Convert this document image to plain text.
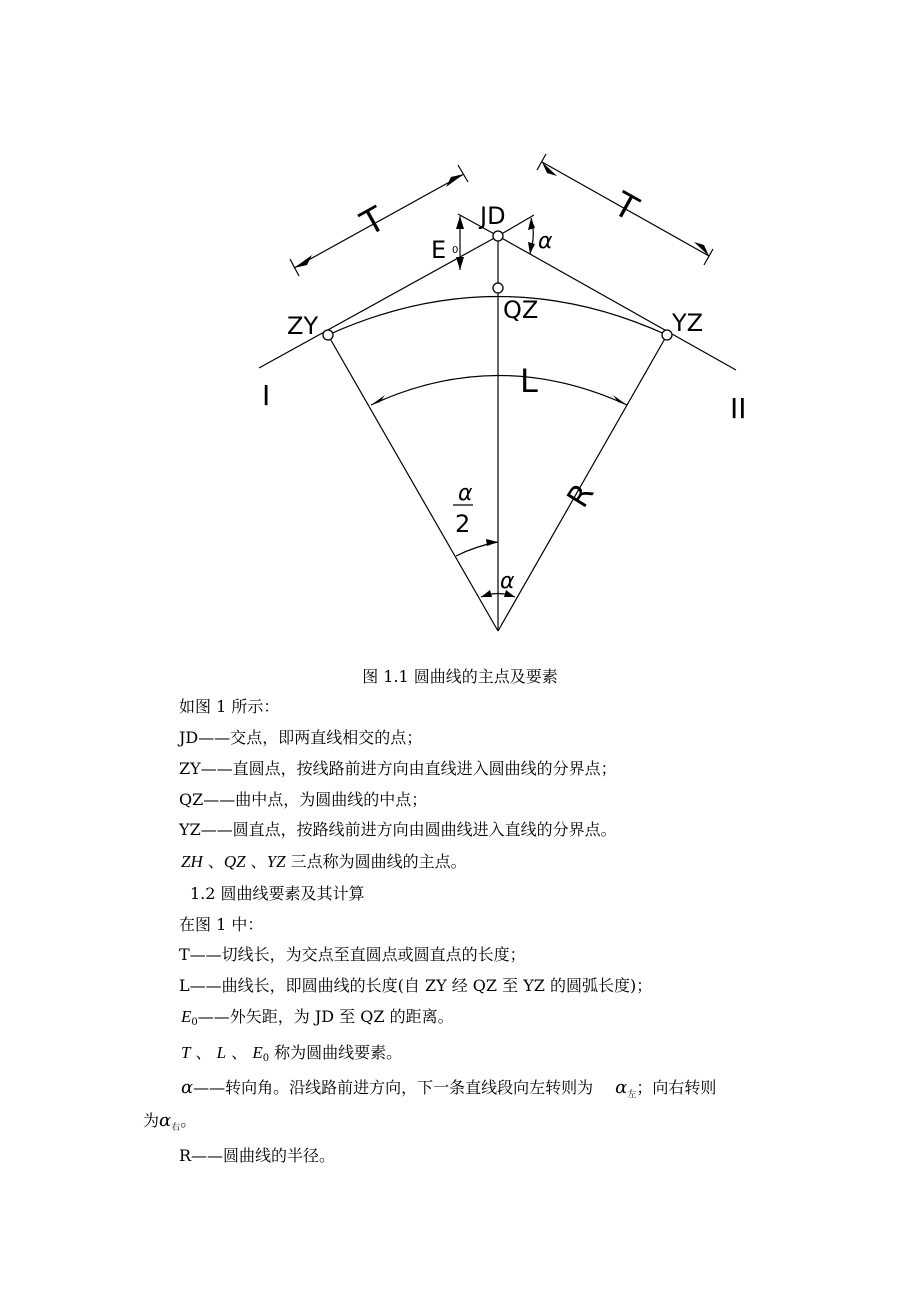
JD
E 0	α
QZ
ZY	YZ
I	II
T	T
L
R
α
2
α
图 1.1 圆曲线的主点及要素
如图 1 所示：
JD——交点，即两直线相交的点；
ZY——直圆点，按线路前进方向由直线进入圆曲线的分界点；
QZ——曲中点，为圆曲线的中点；
YZ——圆直点，按路线前进方向由圆曲线进入直线的分界点。
ZH 、QZ 、YZ 三点称为圆曲线的主点。
1.2 圆曲线要素及其计算
在图 1 中：
T——切线长，为交点至直圆点或圆直点的长度；
L——曲线长，即圆曲线的长度(自 ZY 经 QZ 至 YZ 的圆弧长度)；
$E_0——$外矢距，为 JD 至 QZ 的距离。
T 、 L 、 $E_0$ 称为圆曲线要素。
α——转向角。沿线路前进方向，下一条直线段向左转则为 $\alpha_左$；向右转则
为$\alpha_右$。
R——圆曲线的半径。
